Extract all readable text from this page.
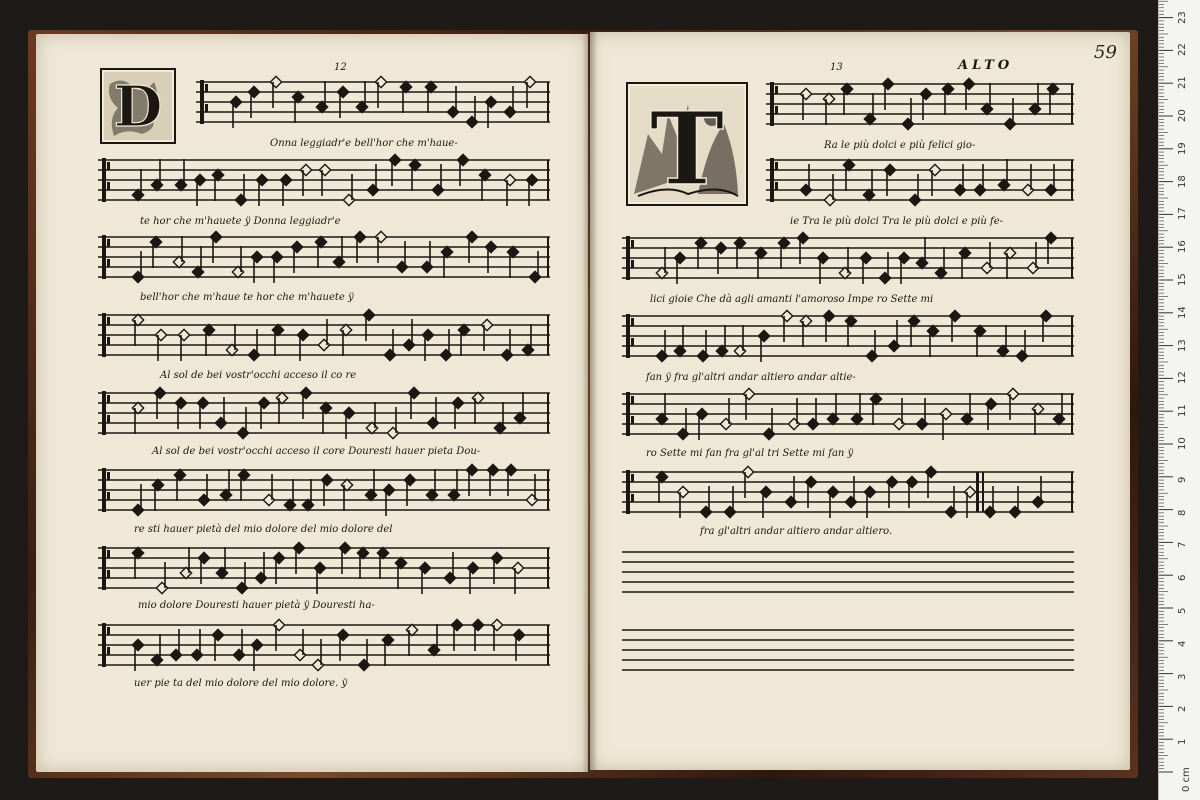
D	T
12	13	ALTO
59
Onna leggiadr'e bell'hor che m'haue-
te hor che m'hauete ÿ Donna leggiadr'e
bell'hor che m'haue te hor che m'hauete ÿ
Al sol de bei vostr'occhi acceso il co re
Al sol de bei vostr'occhi acceso il core Douresti hauer pieta Dou-
re sti hauer pietà del mio dolore del mio dolore del
mio dolore Douresti hauer pietà ÿ Douresti ha-
uer pie ta del mio dolore del mio dolore. ÿ
Ra le più dolci e più felici gio-
ie Tra le più dolci Tra le più dolci e più fe-
lici gioie Che dà agli amanti l'amoroso Impe ro Sette mi
fan ÿ fra gl'altri andar altiero andar altie-
ro Sette mi fan fra gl'al tri Sette mi fan ÿ
fra gl'altri andar altiero andar altiero.
0 cm
1
2
3
4
5
6
7
8
9
10
11
12
13
14
15
16
17
18
19
20
21
22
23
